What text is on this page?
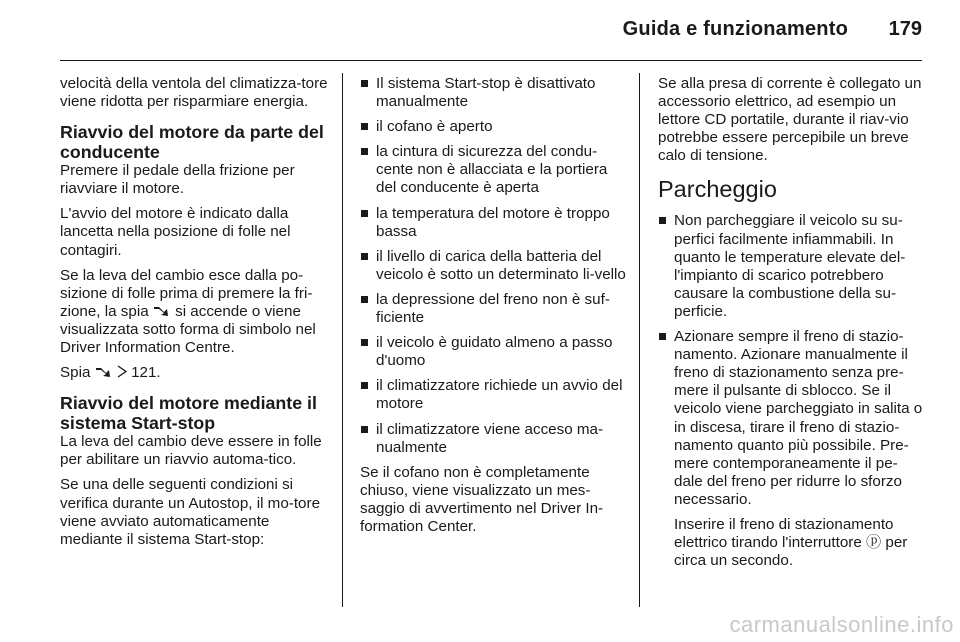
Guida e funzionamento 179

velocità della ventola del climatizza-tore viene ridotta per risparmiare energia.

Riavvio del motore da parte del conducente

Premere il pedale della frizione per riavviare il motore.

L'avvio del motore è indicato dalla lancetta nella posizione di folle nel contagiri.

Se la leva del cambio esce dalla po-sizione di folle prima di premere la fri-zione, la spia  si accende o viene visualizzata sotto forma di simbolo nel Driver Information Centre.

Spia   121.

Riavvio del motore mediante il sistema Start-stop

La leva del cambio deve essere in folle per abilitare un riavvio automa-tico.

Se una delle seguenti condizioni si verifica durante un Autostop, il mo-tore viene avviato automaticamente mediante il sistema Start-stop:

Il sistema Start-stop è disattivato manualmente
il cofano è aperto
la cintura di sicurezza del condu-cente non è allacciata e la portiera del conducente è aperta
la temperatura del motore è troppo bassa
il livello di carica della batteria del veicolo è sotto un determinato li-vello
la depressione del freno non è suf-ficiente
il veicolo è guidato almeno a passo d'uomo
il climatizzatore richiede un avvio del motore
il climatizzatore viene acceso ma-nualmente

Se il cofano non è completamente chiuso, viene visualizzato un mes-saggio di avvertimento nel Driver In-formation Center.

Se alla presa di corrente è collegato un accessorio elettrico, ad esempio un lettore CD portatile, durante il riav-vio potrebbe essere percepibile un breve calo di tensione.

Parcheggio
Non parcheggiare il veicolo su su-perfici facilmente infiammabili. In quanto le temperature elevate del-l'impianto di scarico potrebbero causare la combustione della su-perficie.
Azionare sempre il freno di stazio-namento. Azionare manualmente il freno di stazionamento senza pre-mere il pulsante di sblocco. Se il veicolo viene parcheggiato in salita o in discesa, tirare il freno di stazio-namento quanto più possibile. Pre-mere contemporaneamente il pe-dale del freno per ridurre lo sforzo necessario.

Inserire il freno di stazionamento elettrico tirando l'interruttore ⓟ per circa un secondo.

carmanualsonline.info
